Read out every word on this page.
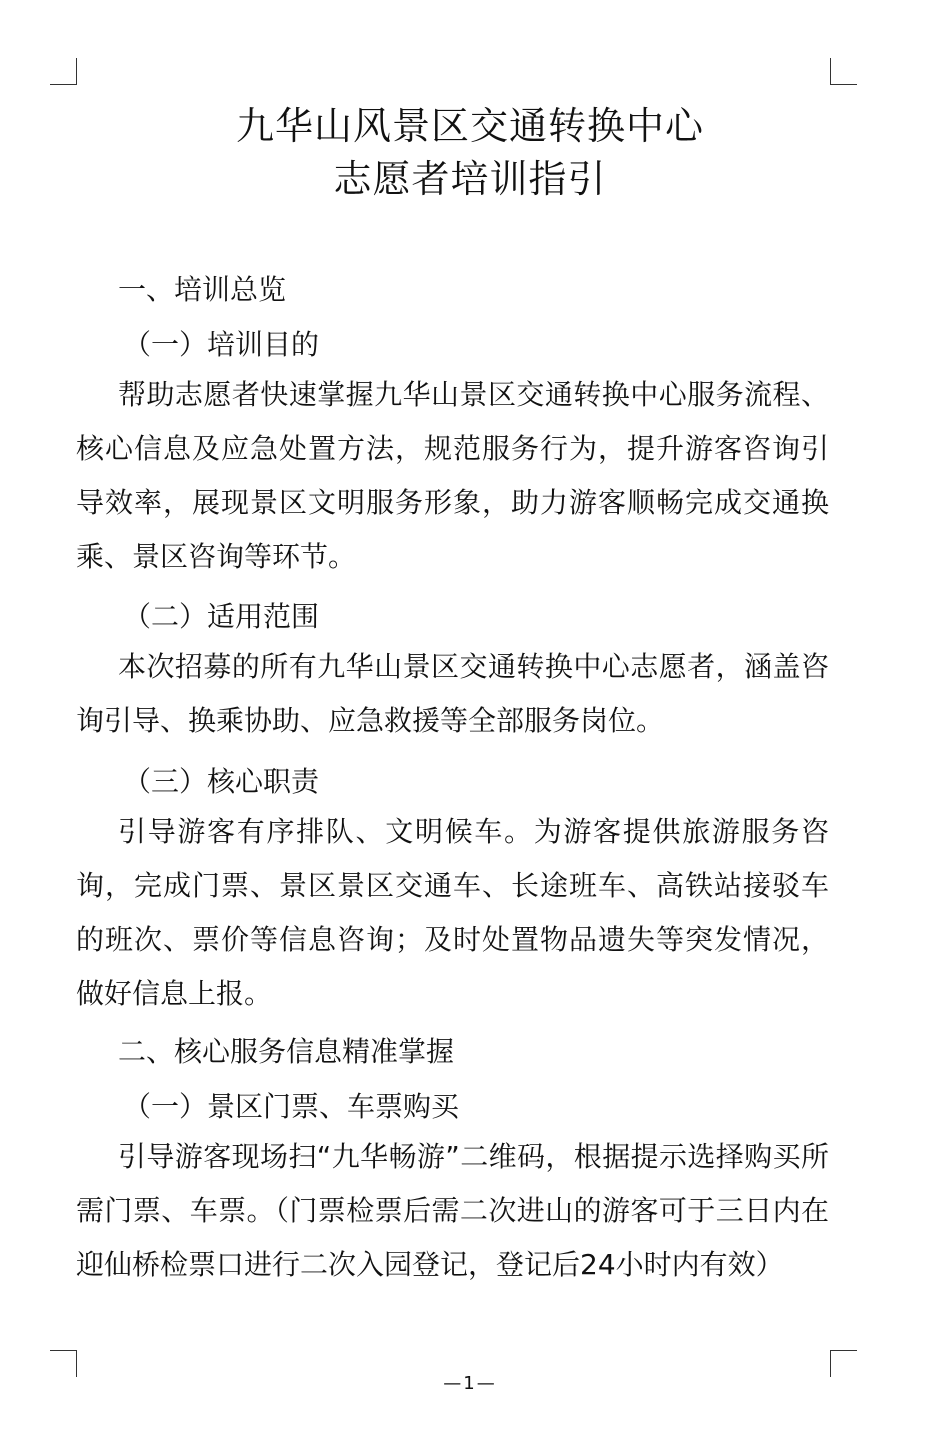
九华山风景区交通转换中心
志愿者培训指引
一、培训总览
（一）培训目的
帮助志愿者快速掌握九华山景区交通转换中心服务流程、核心信息及应急处置方法，规范服务行为，提升游客咨询引导效率，展现景区文明服务形象，助力游客顺畅完成交通换乘、景区咨询等环节。
（二）适用范围
本次招募的所有九华山景区交通转换中心志愿者，涵盖咨询引导、换乘协助、应急救援等全部服务岗位。
（三）核心职责
引导游客有序排队、文明候车。为游客提供旅游服务咨询，完成门票、景区景区交通车、长途班车、高铁站接驳车的班次、票价等信息咨询；及时处置物品遗失等突发情况，做好信息上报。
二、核心服务信息精准掌握
（一）景区门票、车票购买
引导游客现场扫“九华畅游”二维码，根据提示选择购买所需门票、车票。（门票检票后需二次进山的游客可于三日内在迎仙桥检票口进行二次入园登记，登记后24小时内有效）
—1—
